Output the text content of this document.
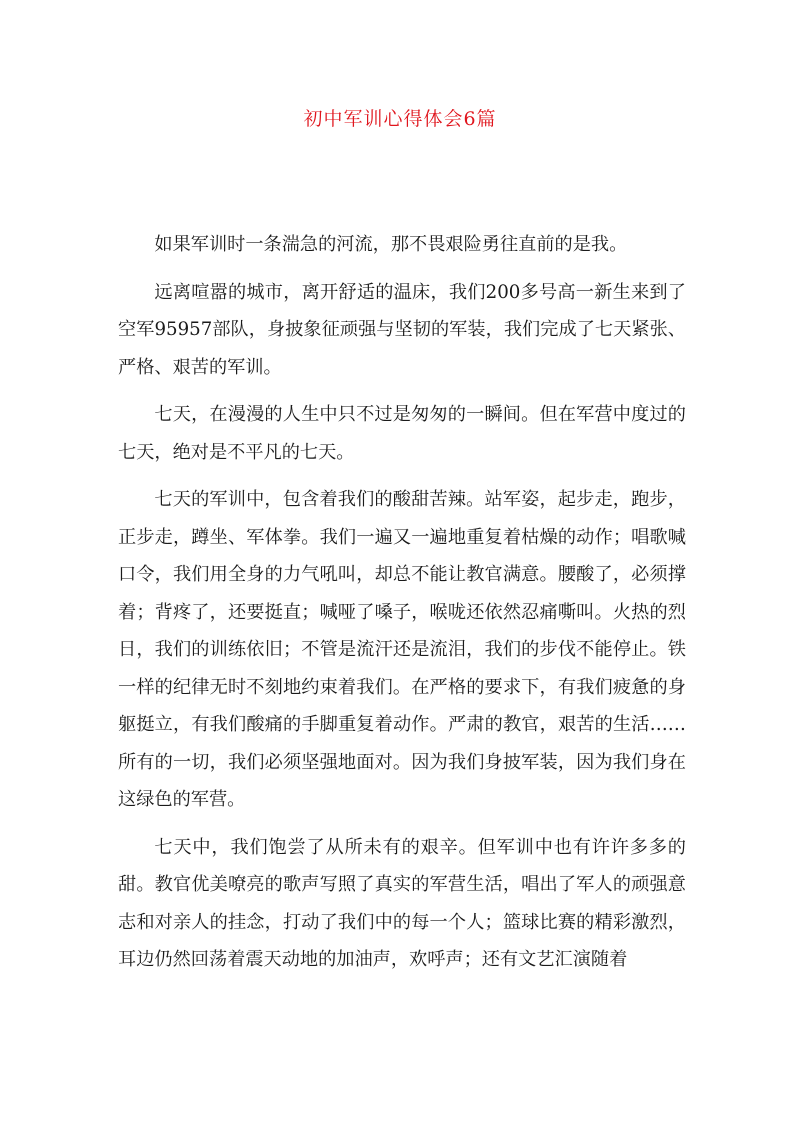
初中军训心得体会6篇

如果军训时一条湍急的河流，那不畏艰险勇往直前的是我。

远离喧嚣的城市，离开舒适的温床，我们200多号高一新生来到了空军95957部队，身披象征顽强与坚韧的军装，我们完成了七天紧张、严格、艰苦的军训。

七天，在漫漫的人生中只不过是匆匆的一瞬间。但在军营中度过的七天，绝对是不平凡的七天。

七天的军训中，包含着我们的酸甜苦辣。站军姿，起步走，跑步，正步走，蹲坐、军体拳。我们一遍又一遍地重复着枯燥的动作；唱歌喊口令，我们用全身的力气吼叫，却总不能让教官满意。腰酸了，必须撑着；背疼了，还要挺直；喊哑了嗓子，喉咙还依然忍痛嘶叫。火热的烈日，我们的训练依旧；不管是流汗还是流泪，我们的步伐不能停止。铁一样的纪律无时不刻地约束着我们。在严格的要求下，有我们疲惫的身躯挺立，有我们酸痛的手脚重复着动作。严肃的教官，艰苦的生活……所有的一切，我们必须坚强地面对。因为我们身披军装，因为我们身在这绿色的军营。

七天中，我们饱尝了从所未有的艰辛。但军训中也有许许多多的甜。教官优美嘹亮的歌声写照了真实的军营生活，唱出了军人的顽强意志和对亲人的挂念，打动了我们中的每一个人；篮球比赛的精彩激烈，耳边仍然回荡着震天动地的加油声，欢呼声；还有文艺汇演随着
